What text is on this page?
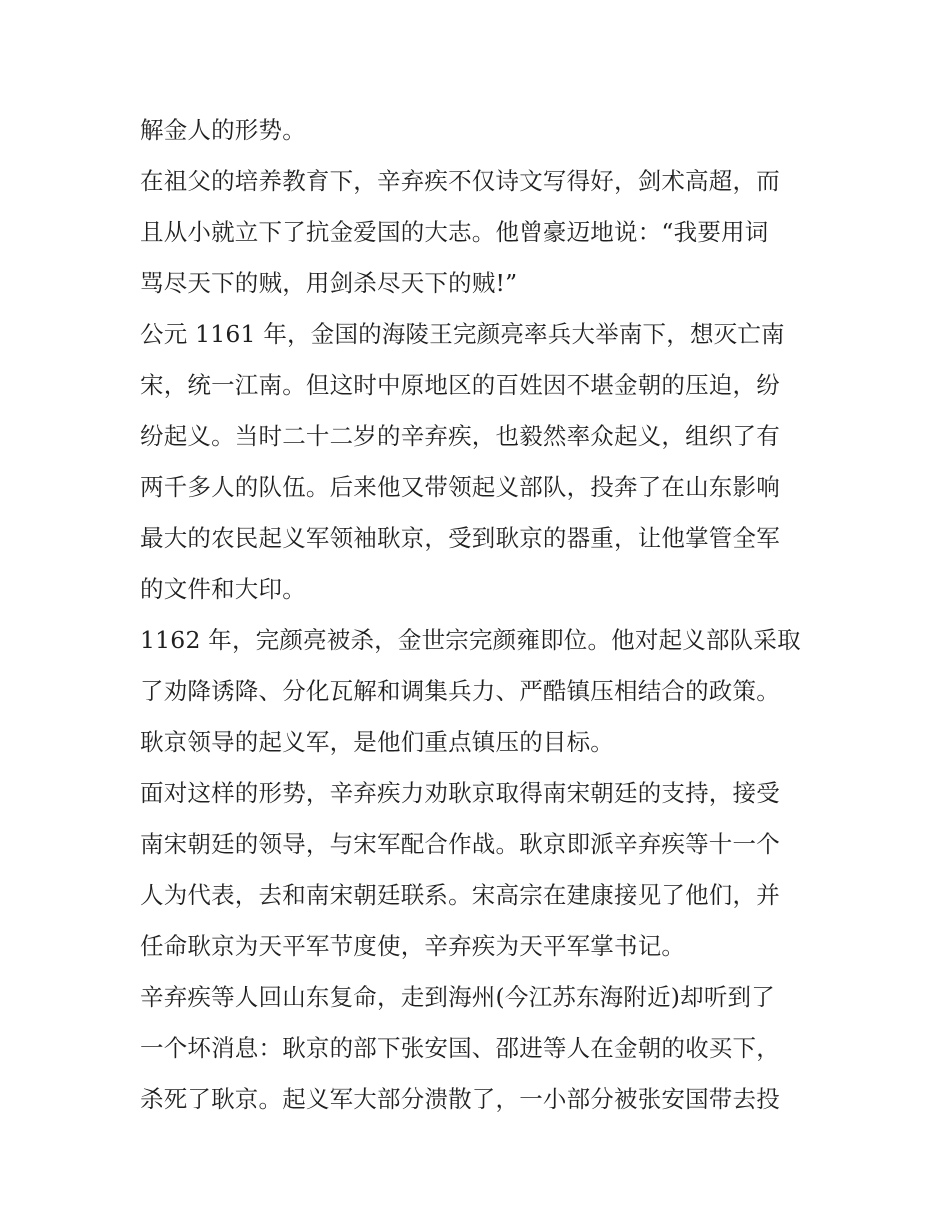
解金人的形势。
在祖父的培养教育下，辛弃疾不仅诗文写得好，剑术高超，而
且从小就立下了抗金爱国的大志。他曾豪迈地说：“我要用词
骂尽天下的贼，用剑杀尽天下的贼!”
公元 1161 年，金国的海陵王完颜亮率兵大举南下，想灭亡南
宋，统一江南。但这时中原地区的百姓因不堪金朝的压迫，纷
纷起义。当时二十二岁的辛弃疾，也毅然率众起义，组织了有
两千多人的队伍。后来他又带领起义部队，投奔了在山东影响
最大的农民起义军领袖耿京，受到耿京的器重，让他掌管全军
的文件和大印。
1162 年，完颜亮被杀，金世宗完颜雍即位。他对起义部队采取
了劝降诱降、分化瓦解和调集兵力、严酷镇压相结合的政策。
耿京领导的起义军，是他们重点镇压的目标。
面对这样的形势，辛弃疾力劝耿京取得南宋朝廷的支持，接受
南宋朝廷的领导，与宋军配合作战。耿京即派辛弃疾等十一个
人为代表，去和南宋朝廷联系。宋高宗在建康接见了他们，并
任命耿京为天平军节度使，辛弃疾为天平军掌书记。
辛弃疾等人回山东复命，走到海州(今江苏东海附近)却听到了
一个坏消息：耿京的部下张安国、邵进等人在金朝的收买下，
杀死了耿京。起义军大部分溃散了，一小部分被张安国带去投
